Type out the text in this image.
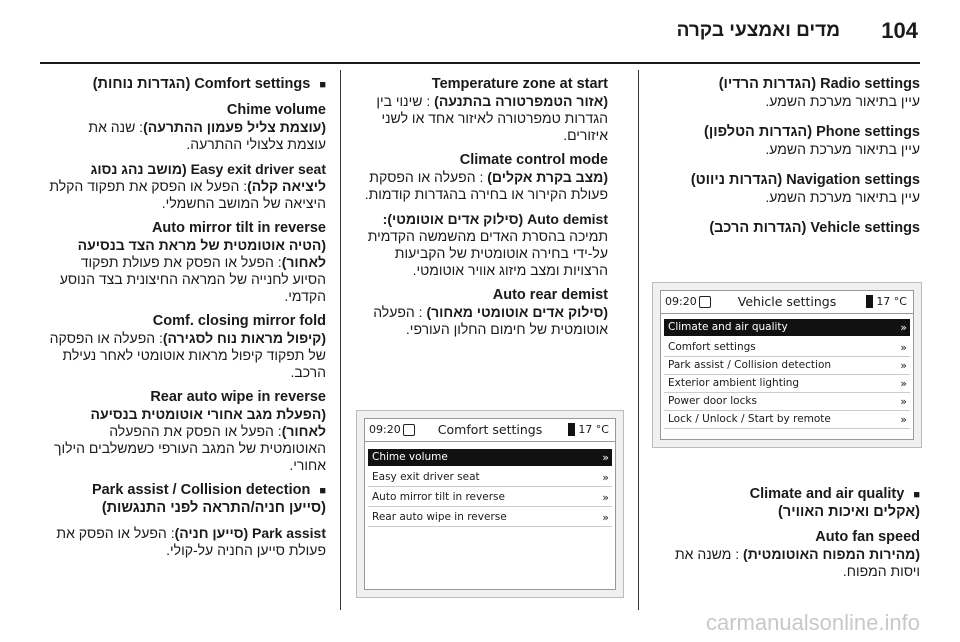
104
מדים ואמצעי בקרה

Radio settings (הגדרות הרדיו)
עיין בתיאור מערכת השמע.

Phone settings (הגדרות הטלפון)
עיין בתיאור מערכת השמע.

Navigation settings (הגדרות ניווט)
עיין בתיאור מערכת השמע.

Vehicle settings (הגדרות הרכב)

09:20	Vehicle settings	17 °C
Climate and air quality	»
Comfort settings	»
Park assist / Collision detection	»
Exterior ambient lighting	»
Power door locks	»
Lock / Unlock / Start by remote	»

■ Climate and air quality
(אקלים ואיכות האוויר)

Auto fan speed
(מהירות המפוח האוטומטית) : משנה את ויסות המפוח.

Temperature zone at start
(אזור הטמפרטורה בהתנעה) : שינוי בין הגדרות טמפרטורה לאיזור אחד או לשני איזורים.

Climate control mode
(מצב בקרת אקלים) : הפעלה או הפסקת פעולת הקירור או בחירה בהגדרות קודמות.

Auto demist (סילוק אדים אוטומטי): תמיכה בהסרת האדים מהשמשה הקדמית על-ידי בחירה אוטומטית של הקביעות הרצויות ומצב מיזוג אוויר אוטומטי.

Auto rear demist
(סילוק אדים אוטומטי מאחור) : הפעלה אוטומטית של חימום החלון העורפי.

09:20	Comfort settings	17 °C
Chime volume	»
Easy exit driver seat	»
Auto mirror tilt in reverse	»
Rear auto wipe in reverse	»

■ Comfort settings (הגדרות נוחות)

Chime volume
(עוצמת צליל פעמון ההתרעה): שנה את עוצמת צלצולי ההתרעה.

Easy exit driver seat (מושב נהג נסוג
ליציאה קלה): הפעל או הפסק את תפקוד הקלת היציאה של המושב החשמלי.

Auto mirror tilt in reverse
(הטיה אוטומטית של מראת הצד בנסיעה לאחור): הפעל או הפסק את פעולת תפקוד הסיוע לחנייה של המראה החיצונית בצד הנוסע הקדמי.

Comf. closing mirror fold
(קיפול מראות נוח לסגירה): הפעלה או הפסקה של תפקוד קיפול מראות אוטומטי לאחר נעילת הרכב.

Rear auto wipe in reverse
(הפעלת מגב אחורי אוטומטית בנסיעה לאחור): הפעל או הפסק את ההפעלה האוטומטית של המגב העורפי כשמשלבים הילוך אחורי.

■ Park assist / Collision detection
(סייען חניה/התראה לפני התנגשות)

Park assist (סייען חניה): הפעל או הפסק את פעולת סייען החניה על-קולי.

carmanualsonline.info
